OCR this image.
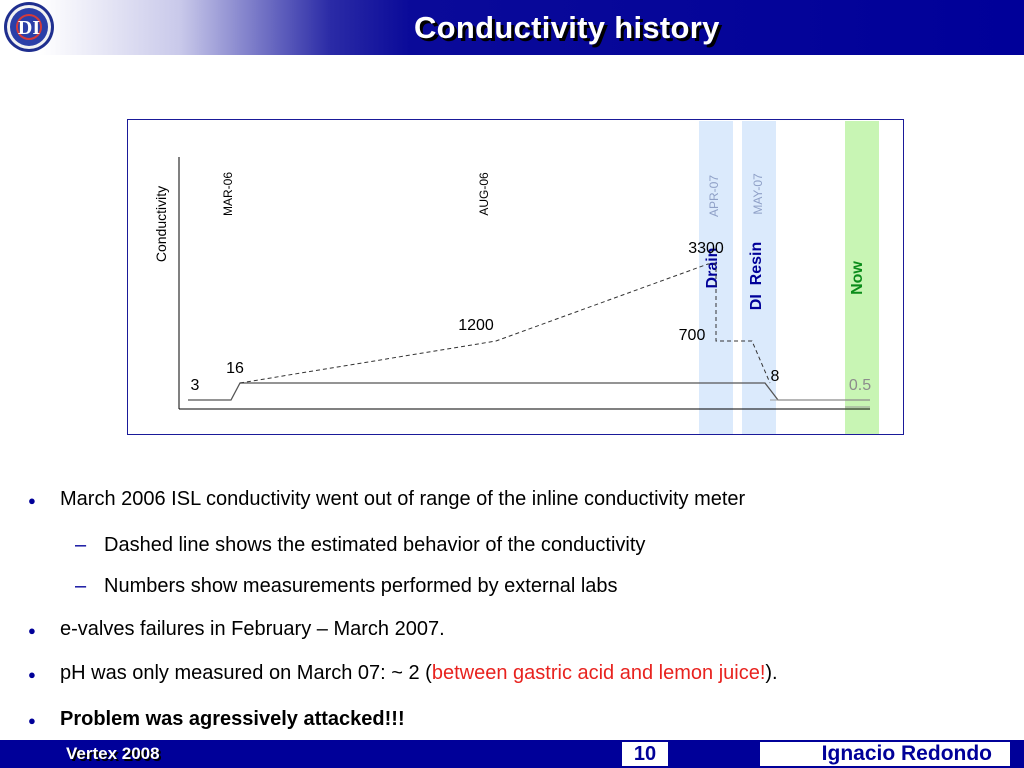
DI	Conductivity history
Drain DI  Resin	Now
Conductivity	MAR-06	AUG-06	APR-07	MAY-07
3
16
1200
3300
700
8
0.5
● March 2006 ISL conductivity went out of range of the inline conductivity meter
– Dashed line shows the estimated behavior of the conductivity
– Numbers show measurements performed by external labs
● e-valves failures in February – March 2007.
● pH was only measured on March 07: ~ 2 (between gastric acid and lemon juice!).
● Problem was agressively attacked!!!
Vertex 2008	10	Ignacio Redondo
